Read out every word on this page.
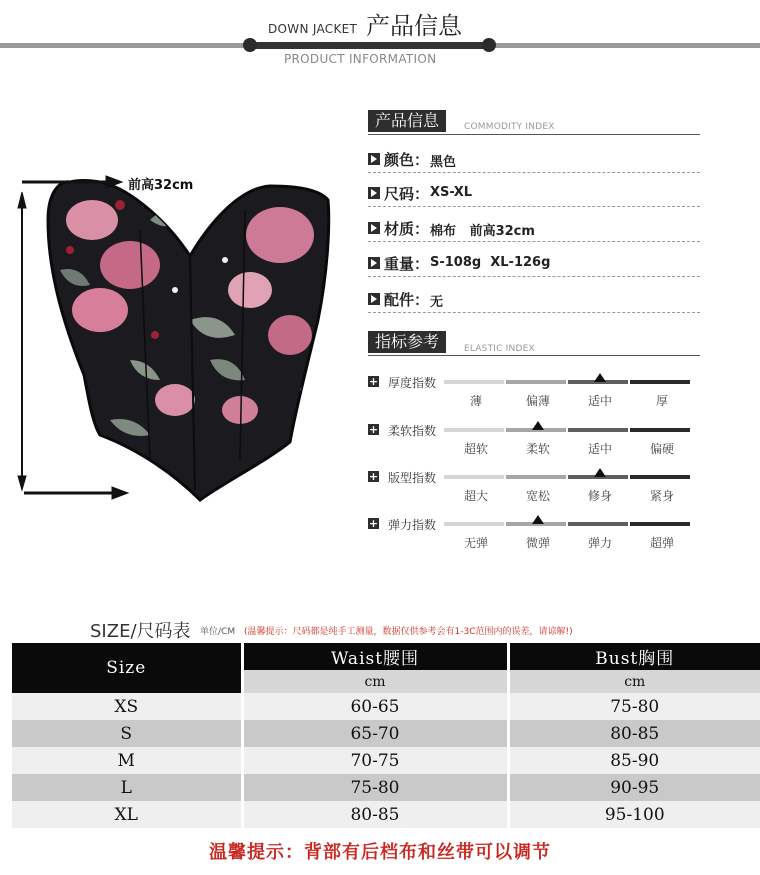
DOWN JACKET 产品信息
PRODUCT INFORMATION
前高32cm
产品信息	COMMODITY INDEX
颜色： 黑色
尺码： XS-XL
材质： 棉布   前高32cm
重量： S-108g  XL-126g
配件： 无
指标参考	ELASTIC INDEX
+ 厚度指数
薄	偏薄	适中	厚
+ 柔软指数
超软	柔软	适中	偏硬
+ 版型指数
超大	宽松	修身	紧身
+ 弹力指数
无弹	微弹	弹力	超弹
SIZE/尺码表 单位/CM (温馨提示：尺码都是纯手工测量，数据仅供参考会有1-3C范围内的误差，请谅解!)
Size	Waist腰围	Bust胸围
	cm	cm
XS	60-65	75-80
S	65-70	80-85
M	70-75	85-90
L	75-80	90-95
XL	80-85	95-100
温馨提示：背部有后档布和丝带可以调节
